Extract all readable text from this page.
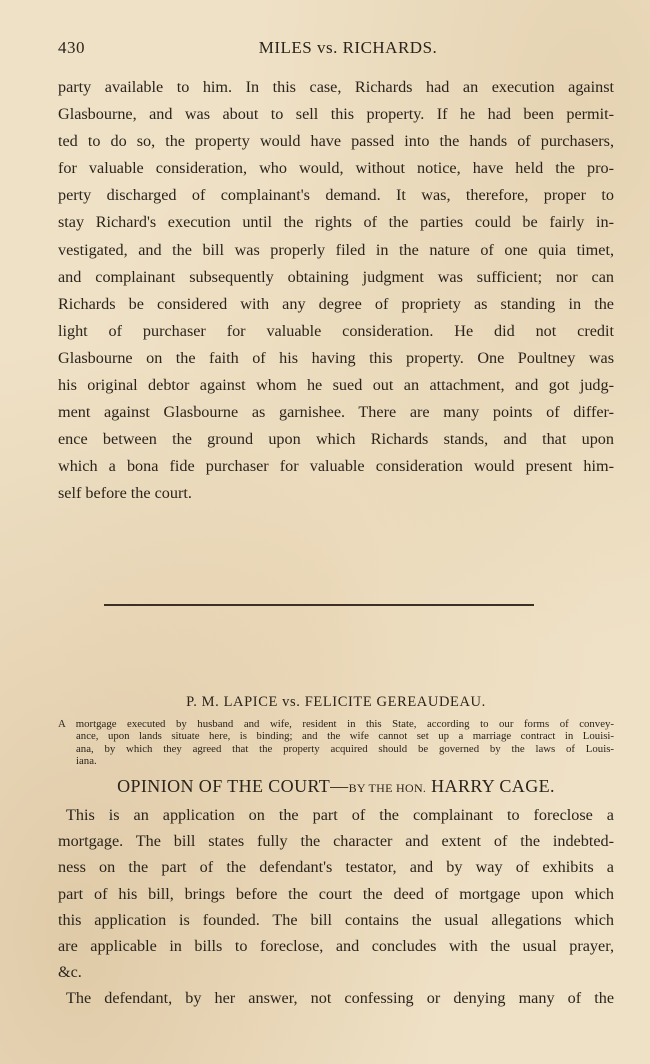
430	MILES vs. RICHARDS.
party available to him. In this case, Richards had an execution against
Glasbourne, and was about to sell this property. If he had been permit-
ted to do so, the property would have passed into the hands of purchasers,
for valuable consideration, who would, without notice, have held the pro-
perty discharged of complainant's demand. It was, therefore, proper to
stay Richard's execution until the rights of the parties could be fairly in-
vestigated, and the bill was properly filed in the nature of one quia timet,
and complainant subsequently obtaining judgment was sufficient; nor can
Richards be considered with any degree of propriety as standing in the
light of purchaser for valuable consideration. He did not credit
Glasbourne on the faith of his having this property. One Poultney was
his original debtor against whom he sued out an attachment, and got judg-
ment against Glasbourne as garnishee. There are many points of differ-
ence between the ground upon which Richards stands, and that upon
which a bona fide purchaser for valuable consideration would present him-
self before the court.
P. M. LAPICE vs. FELICITE GEREAUDEAU.
A mortgage executed by husband and wife, resident in this State, according to our forms of convey-
ance, upon lands situate here, is binding; and the wife cannot set up a marriage contract in Louisi-
ana, by which they agreed that the property acquired should be governed by the laws of Louis-
iana.
OPINION OF THE COURT—BY THE HON. HARRY CAGE.
This is an application on the part of the complainant to foreclose a
mortgage. The bill states fully the character and extent of the indebted-
ness on the part of the defendant's testator, and by way of exhibits a
part of his bill, brings before the court the deed of mortgage upon which
this application is founded. The bill contains the usual allegations which
are applicable in bills to foreclose, and concludes with the usual prayer,
&c.
The defendant, by her answer, not confessing or denying many of the
